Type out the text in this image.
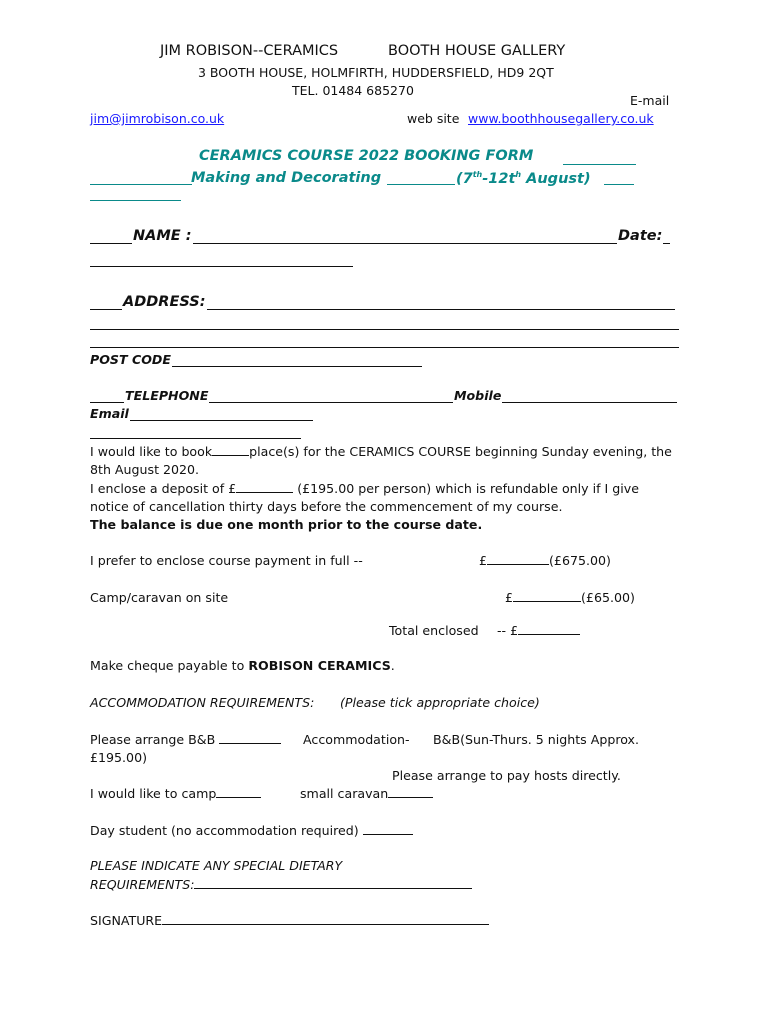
JIM ROBISON--CERAMICS	BOOTH HOUSE GALLERY
3 BOOTH HOUSE, HOLMFIRTH, HUDDERSFIELD, HD9 2QT
TEL. 01484 685270
E-mail
jim@jimrobison.co.uk	web site www.boothhousegallery.co.uk
CERAMICS COURSE 2022 BOOKING FORM
Making and Decorating	($7th-12t^h$ August)
NAME :	Date:
ADDRESS:
POST CODE
TELEPHONE	Mobile
Email
I would like to book	place(s) for the CERAMICS COURSE beginning Sunday evening, the
8th August 2020.
I enclose a deposit of £	(£195.00 per person) which is refundable only if I give
notice of cancellation thirty days before the commencement of my course.
The balance is due one month prior to the course date.
I prefer to enclose course payment in full --	£	(£675.00)
Camp/caravan on site	£	(£65.00)
Total enclosed -- £
Make cheque payable to ROBISON CERAMICS.
ACCOMMODATION REQUIREMENTS: (Please tick appropriate choice)
Please arrange B&B	Accommodation- B&B(Sun-Thurs. 5 nights Approx.
£195.00)
Please arrange to pay hosts directly.
I would like to camp	small caravan
Day student (no accommodation required)
PLEASE INDICATE ANY SPECIAL DIETARY
REQUIREMENTS:
SIGNATURE
